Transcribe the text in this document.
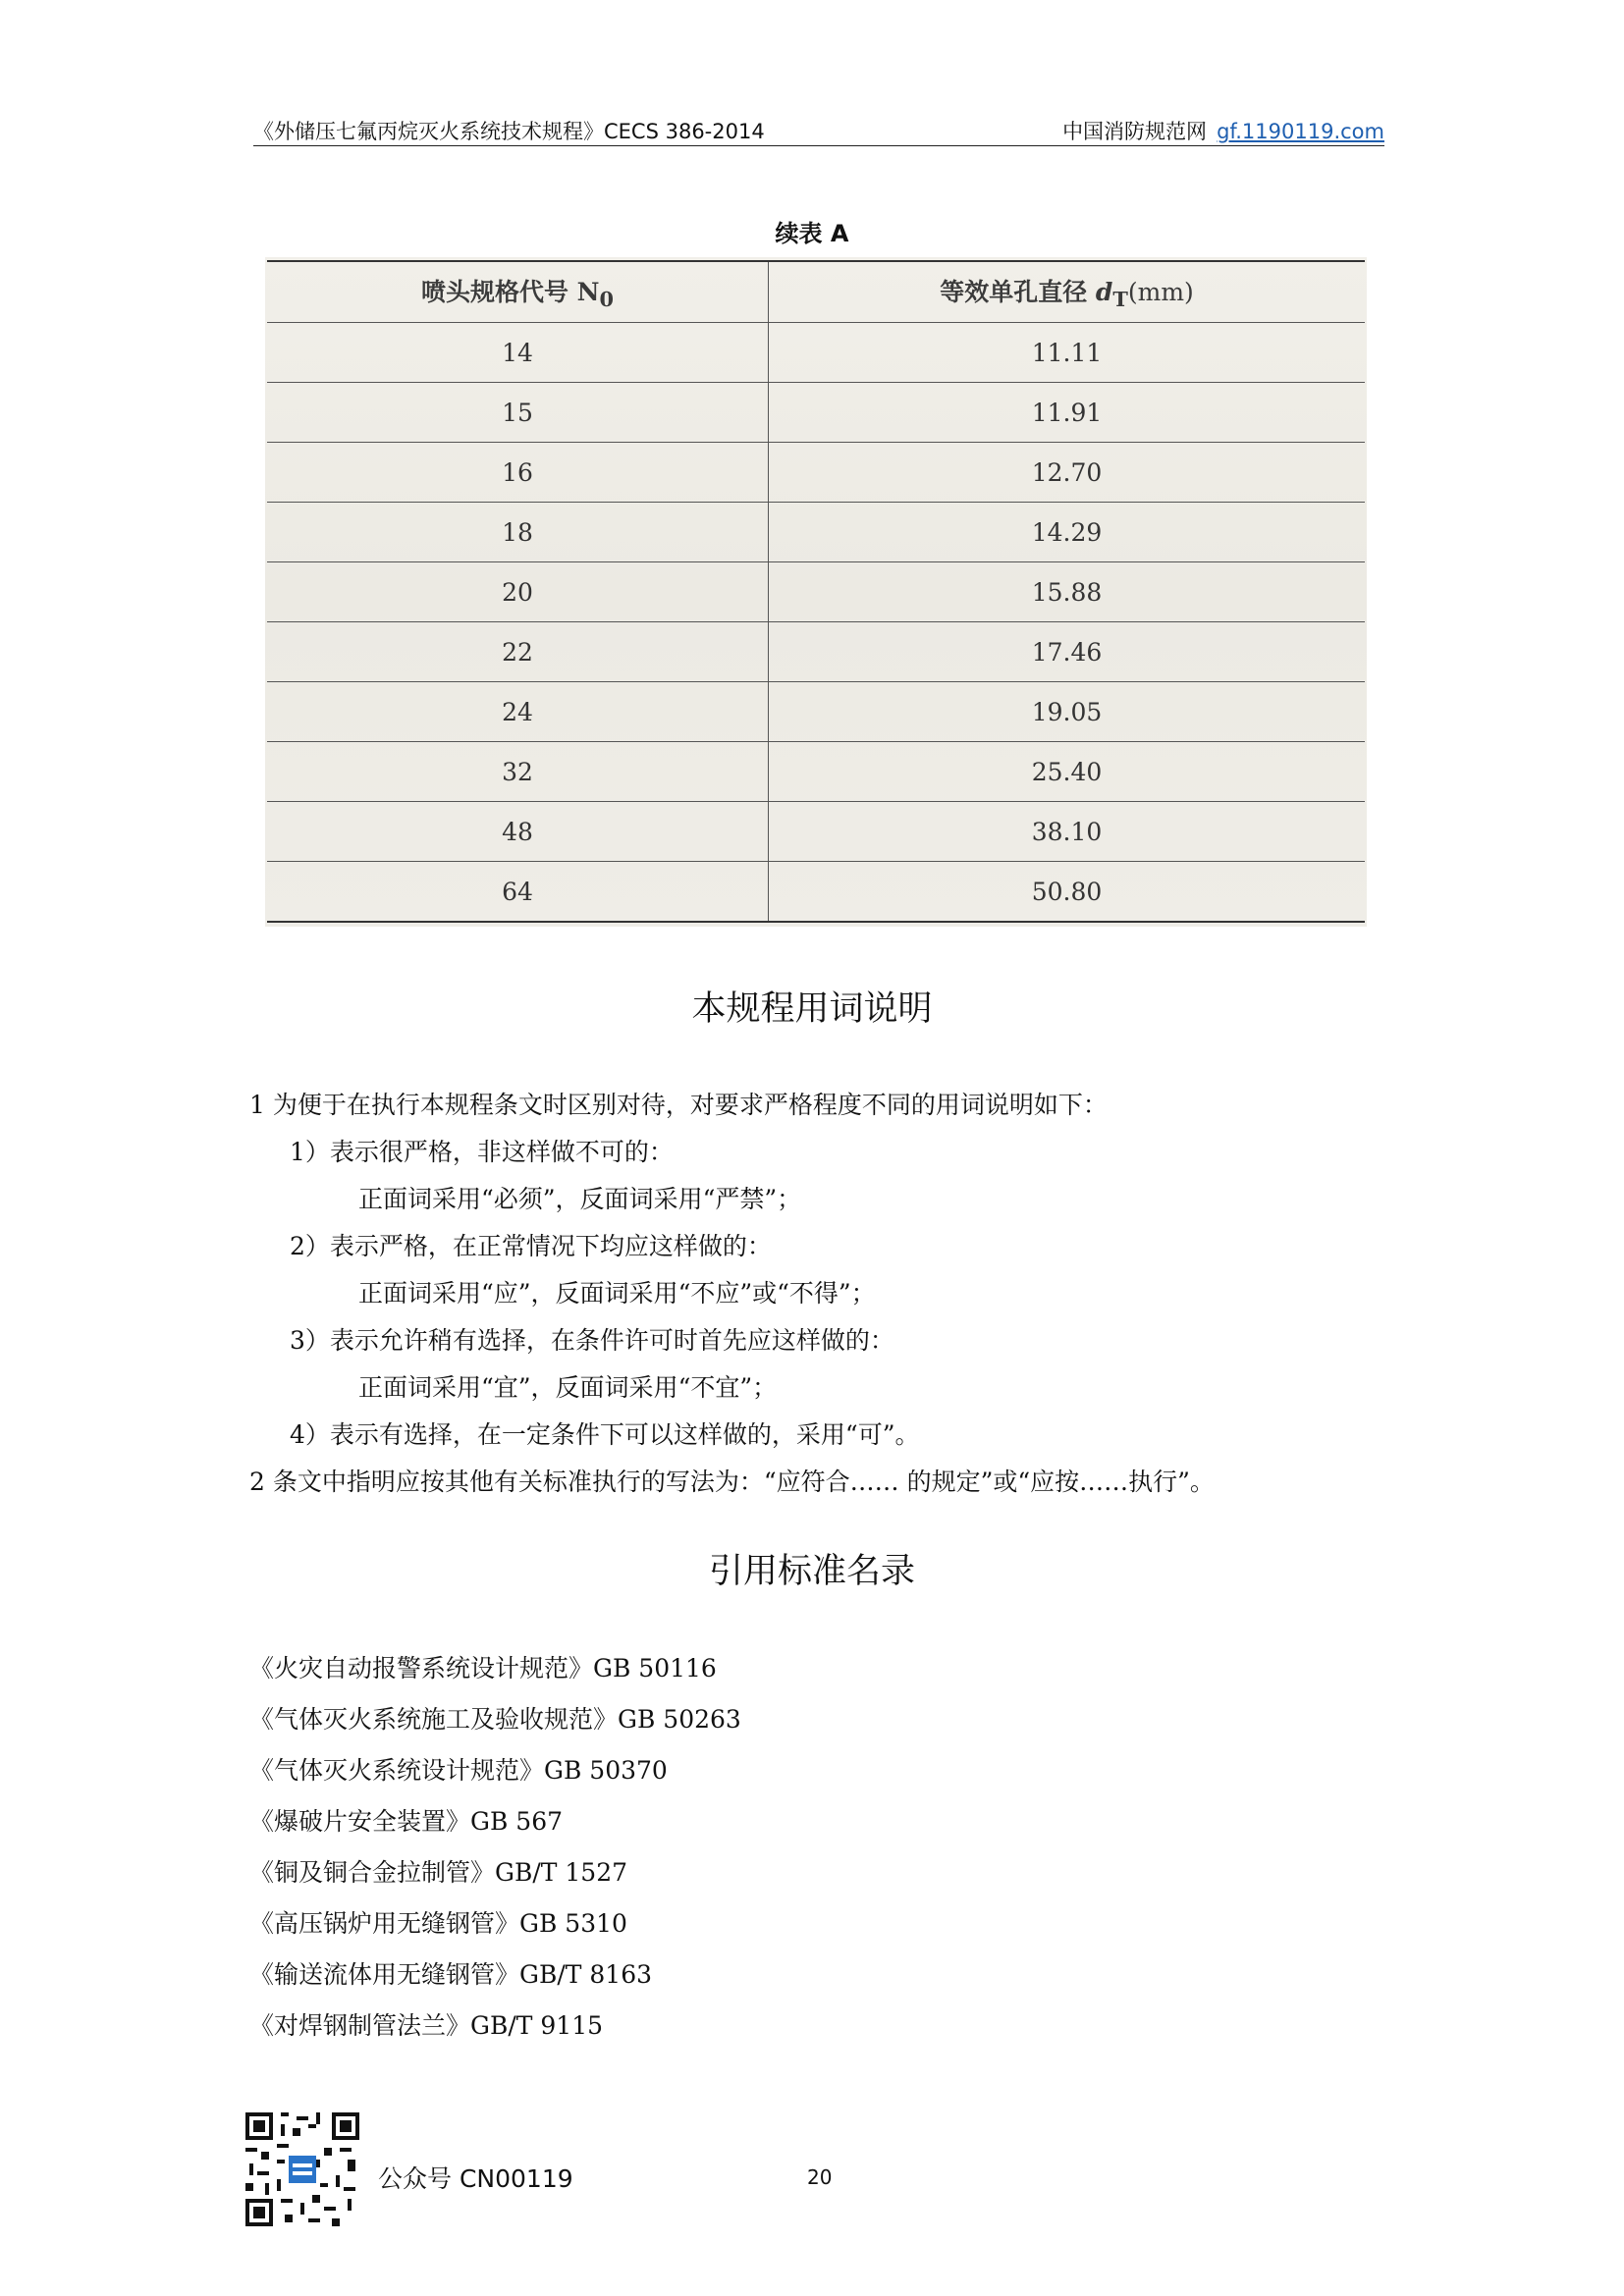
《外储压七氟丙烷灭火系统技术规程》CECS 386-2014	中国消防规范网 gf.1190119.com
续表 A

喷头规格代号 $N_0$	等效单孔直径 $d_T(mm)$
14	11.11
15	11.91
16	12.70
18	14.29
20	15.88
22	17.46
24	19.05
32	25.40
48	38.10
64	50.80
本规程用词说明
1 为便于在执行本规程条文时区别对待，对要求严格程度不同的用词说明如下：
1）表示很严格，非这样做不可的：
正面词采用“必须”，反面词采用“严禁”；
2）表示严格，在正常情况下均应这样做的：
正面词采用“应”，反面词采用“不应”或“不得”；
3）表示允许稍有选择，在条件许可时首先应这样做的：
正面词采用“宜”，反面词采用“不宜”；
4）表示有选择，在一定条件下可以这样做的，采用“可”。
2 条文中指明应按其他有关标准执行的写法为：“应符合…… 的规定”或“应按……执行”。
引用标准名录
《火灾自动报警系统设计规范》GB 50116
《气体灭火系统施工及验收规范》GB 50263
《气体灭火系统设计规范》GB 50370
《爆破片安全装置》GB 567
《铜及铜合金拉制管》GB/T 1527
《高压锅炉用无缝钢管》GB 5310
《输送流体用无缝钢管》GB/T 8163
《对焊钢制管法兰》GB/T 9115
公众号 CN00119	20
